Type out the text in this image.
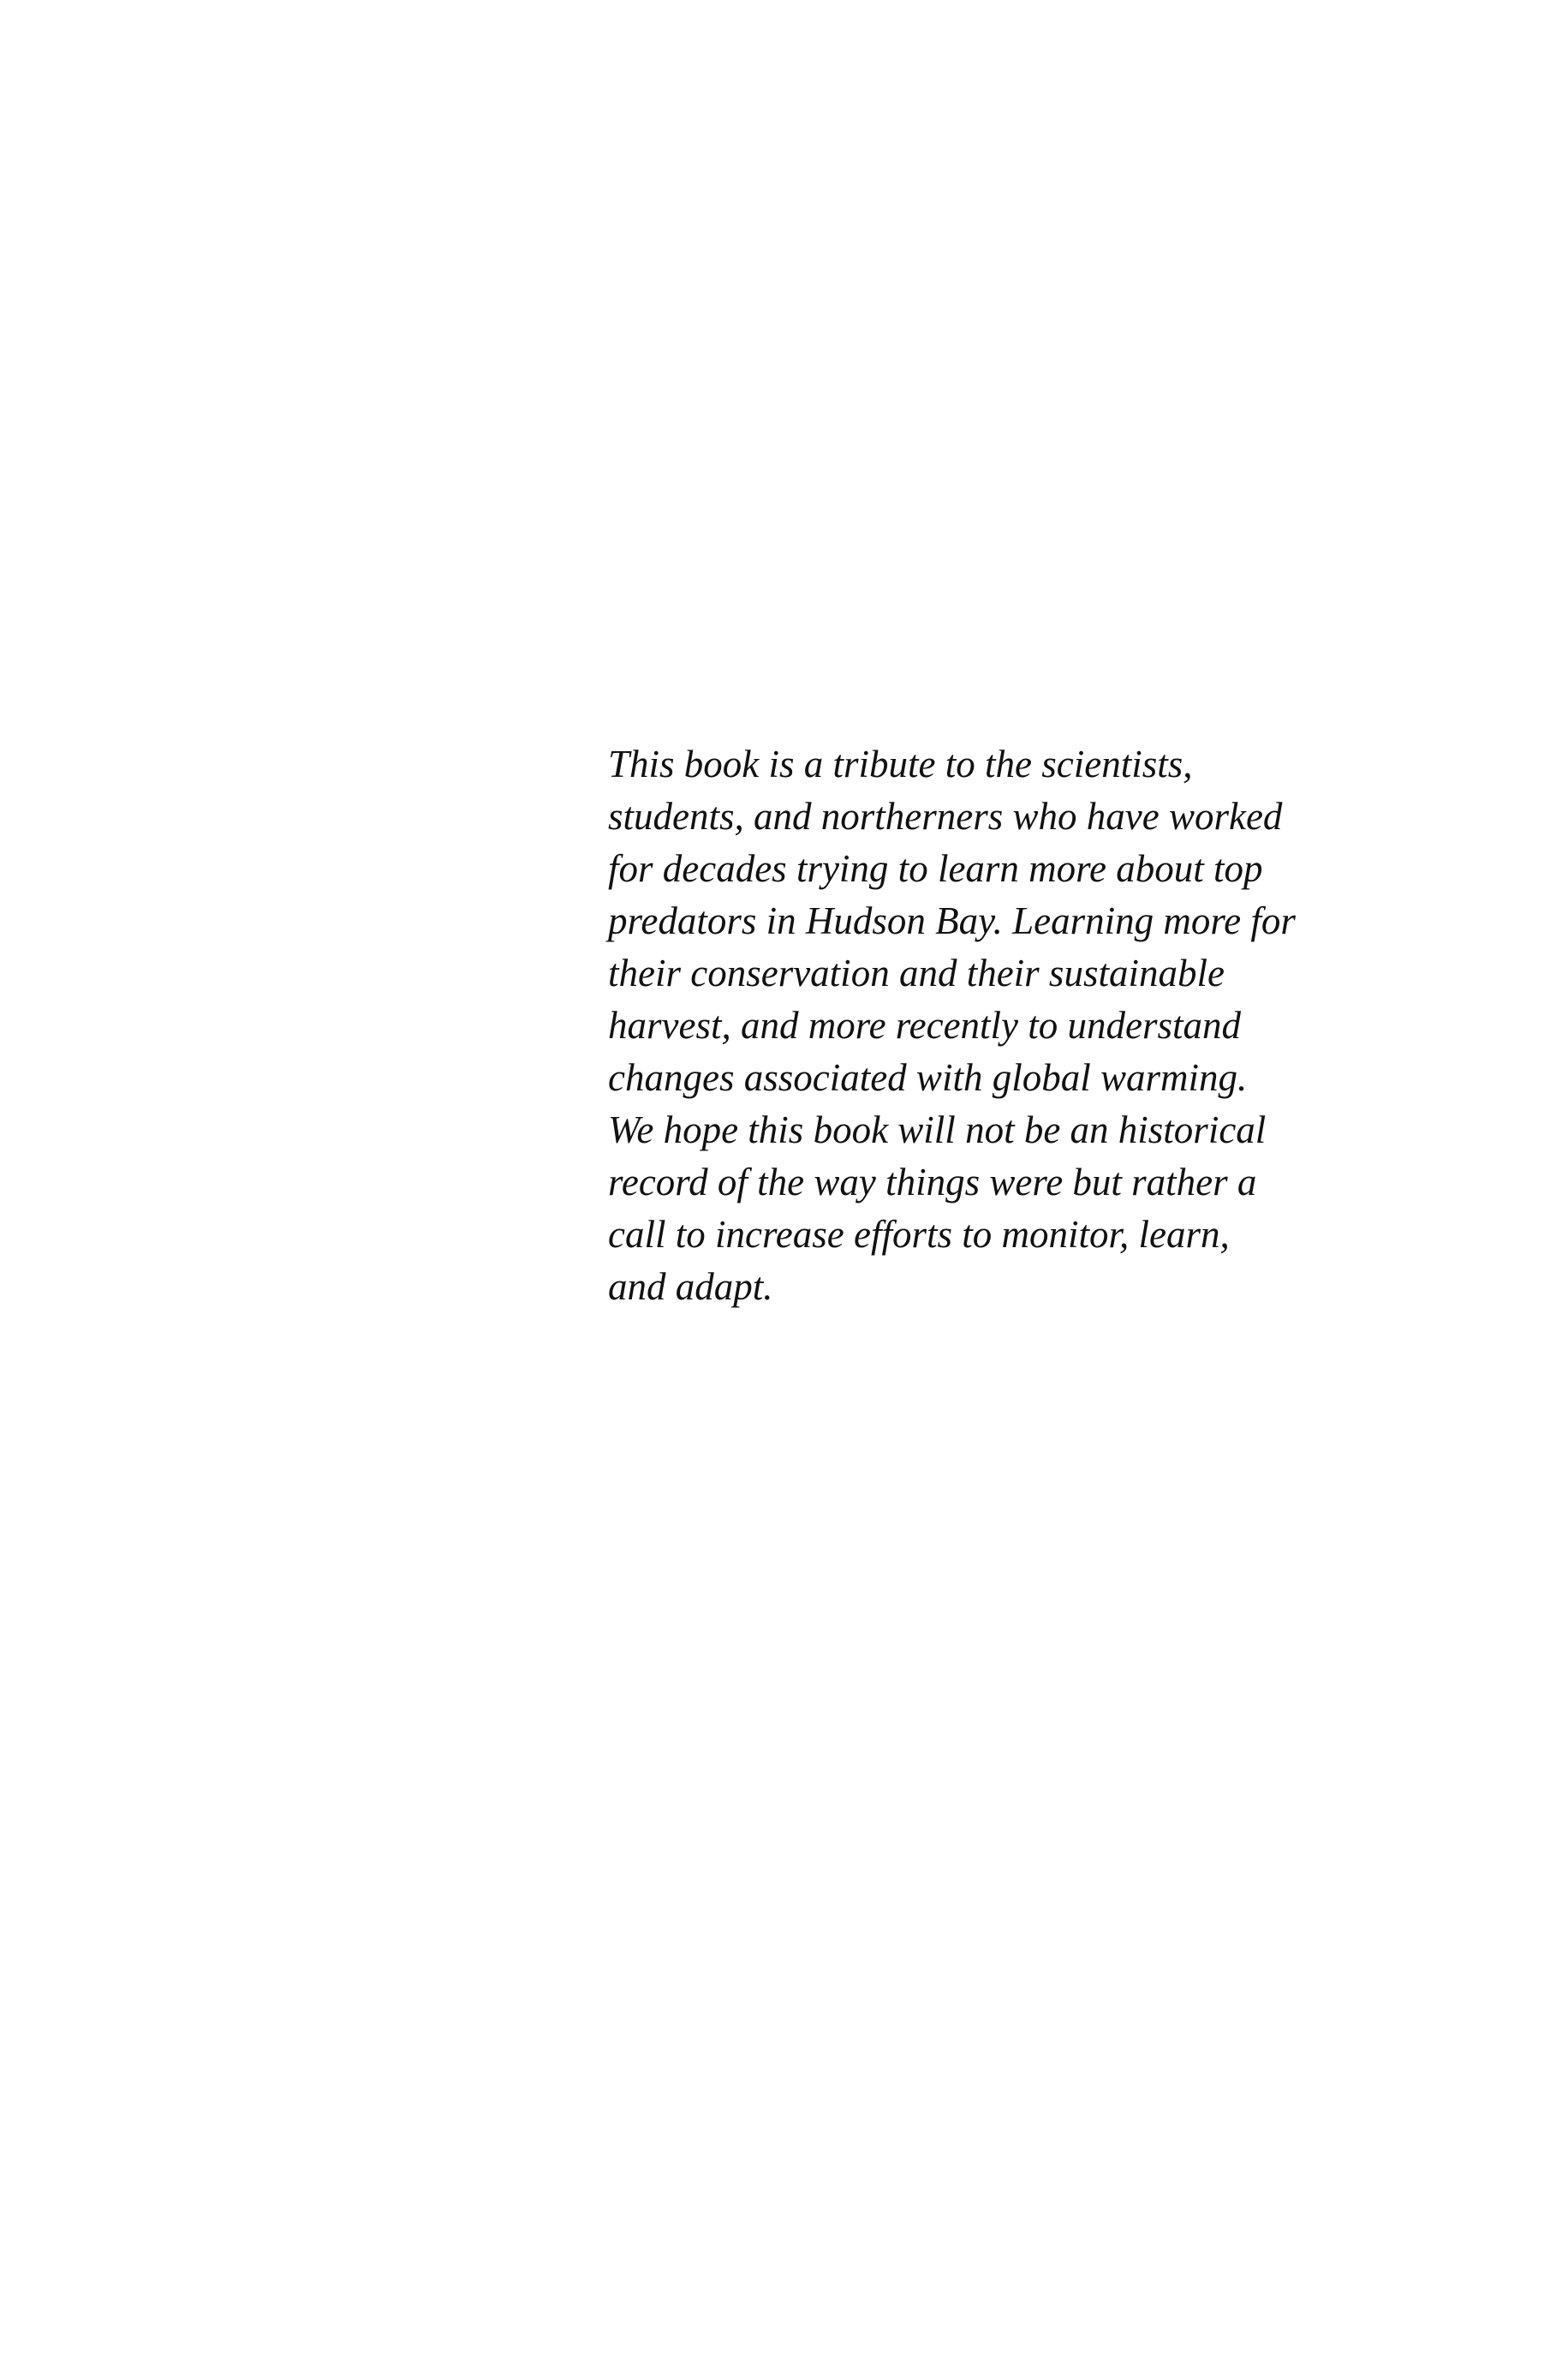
This book is a tribute to the scientists,
students, and northerners who have worked
for decades trying to learn more about top
predators in Hudson Bay. Learning more for
their conservation and their sustainable
harvest, and more recently to understand
changes associated with global warming.
We hope this book will not be an historical
record of the way things were but rather a
call to increase efforts to monitor, learn,
and adapt.
